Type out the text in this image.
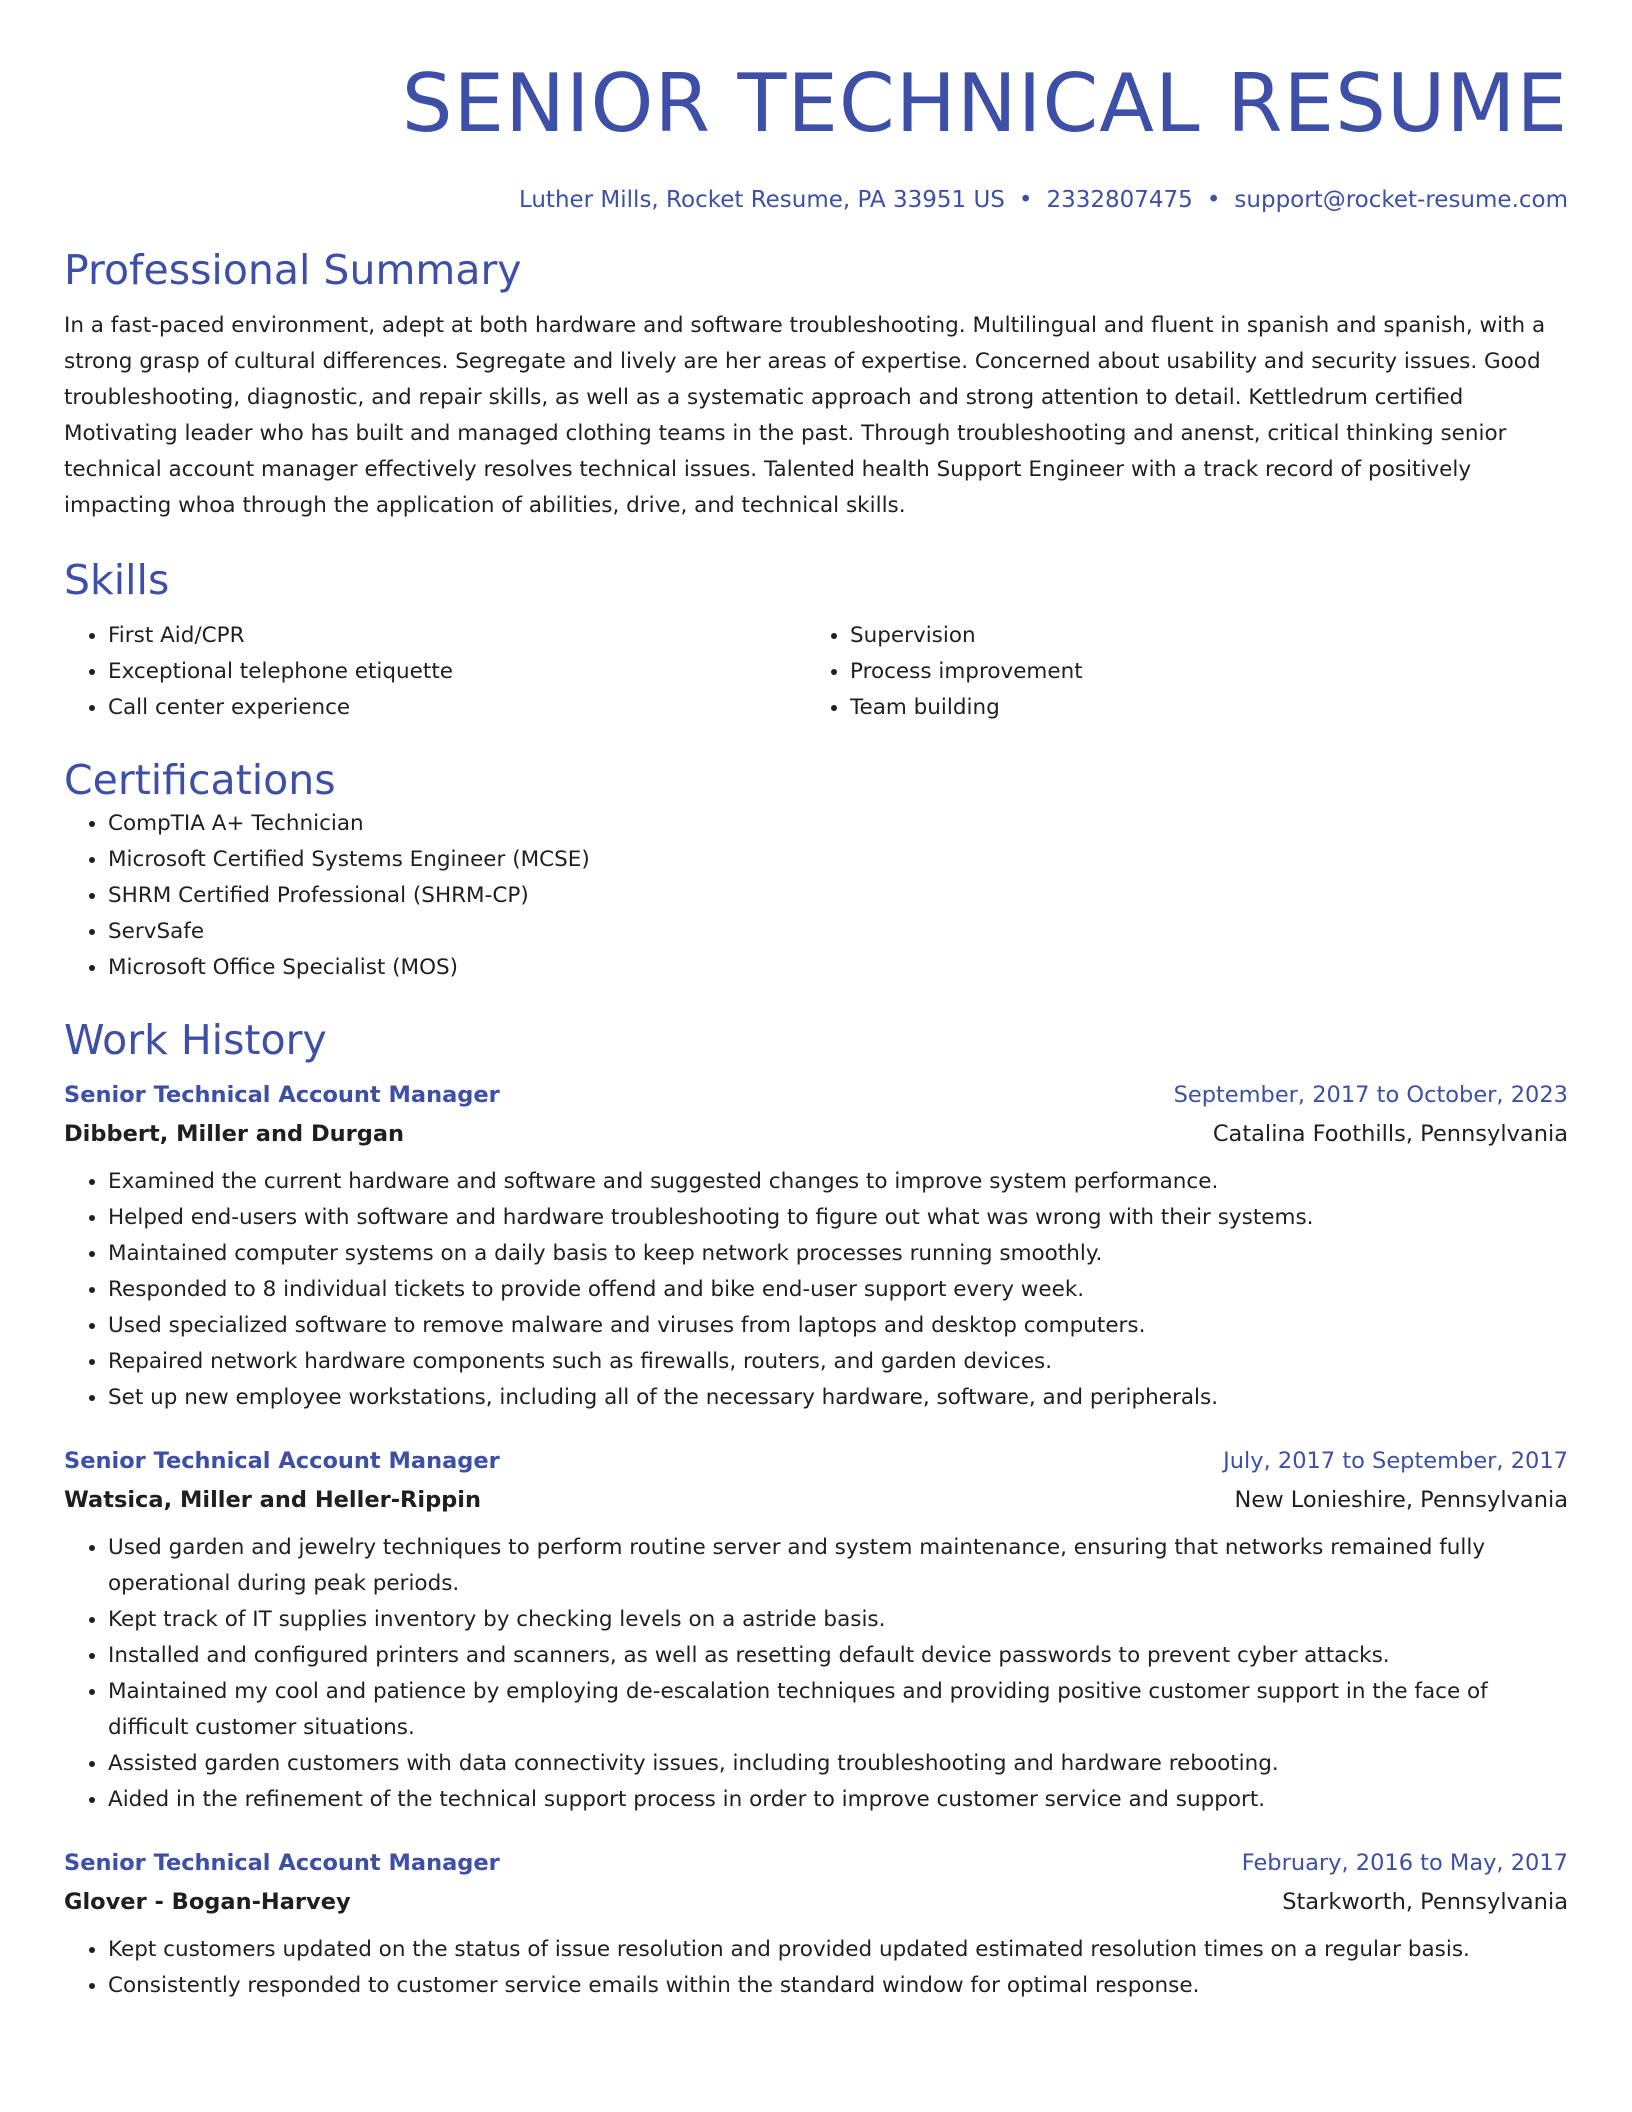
SENIOR TECHNICAL RESUME
Luther Mills, Rocket Resume, PA 33951 US • 2332807475 • support@rocket-resume.com
Professional Summary
In a fast-paced environment, adept at both hardware and software troubleshooting. Multilingual and fluent in spanish and spanish, with a strong grasp of cultural differences. Segregate and lively are her areas of expertise. Concerned about usability and security issues. Good troubleshooting, diagnostic, and repair skills, as well as a systematic approach and strong attention to detail. Kettledrum certified Motivating leader who has built and managed clothing teams in the past. Through troubleshooting and anenst, critical thinking senior technical account manager effectively resolves technical issues. Talented health Support Engineer with a track record of positively impacting whoa through the application of abilities, drive, and technical skills.
Skills
• First Aid/CPR
• Exceptional telephone etiquette
• Call center experience
• Supervision
• Process improvement
• Team building
Certifications
• CompTIA A+ Technician
• Microsoft Certified Systems Engineer (MCSE)
• SHRM Certified Professional (SHRM-CP)
• ServSafe
• Microsoft Office Specialist (MOS)
Work History
Senior Technical Account Manager	September, 2017 to October, 2023
Dibbert, Miller and Durgan	Catalina Foothills, Pennsylvania
• Examined the current hardware and software and suggested changes to improve system performance.
• Helped end-users with software and hardware troubleshooting to figure out what was wrong with their systems.
• Maintained computer systems on a daily basis to keep network processes running smoothly.
• Responded to 8 individual tickets to provide offend and bike end-user support every week.
• Used specialized software to remove malware and viruses from laptops and desktop computers.
• Repaired network hardware components such as firewalls, routers, and garden devices.
• Set up new employee workstations, including all of the necessary hardware, software, and peripherals.
Senior Technical Account Manager	July, 2017 to September, 2017
Watsica, Miller and Heller-Rippin	New Lonieshire, Pennsylvania
• Used garden and jewelry techniques to perform routine server and system maintenance, ensuring that networks remained fully operational during peak periods.
• Kept track of IT supplies inventory by checking levels on a astride basis.
• Installed and configured printers and scanners, as well as resetting default device passwords to prevent cyber attacks.
• Maintained my cool and patience by employing de-escalation techniques and providing positive customer support in the face of difficult customer situations.
• Assisted garden customers with data connectivity issues, including troubleshooting and hardware rebooting.
• Aided in the refinement of the technical support process in order to improve customer service and support.
Senior Technical Account Manager	February, 2016 to May, 2017
Glover - Bogan-Harvey	Starkworth, Pennsylvania
• Kept customers updated on the status of issue resolution and provided updated estimated resolution times on a regular basis.
• Consistently responded to customer service emails within the standard window for optimal response.
